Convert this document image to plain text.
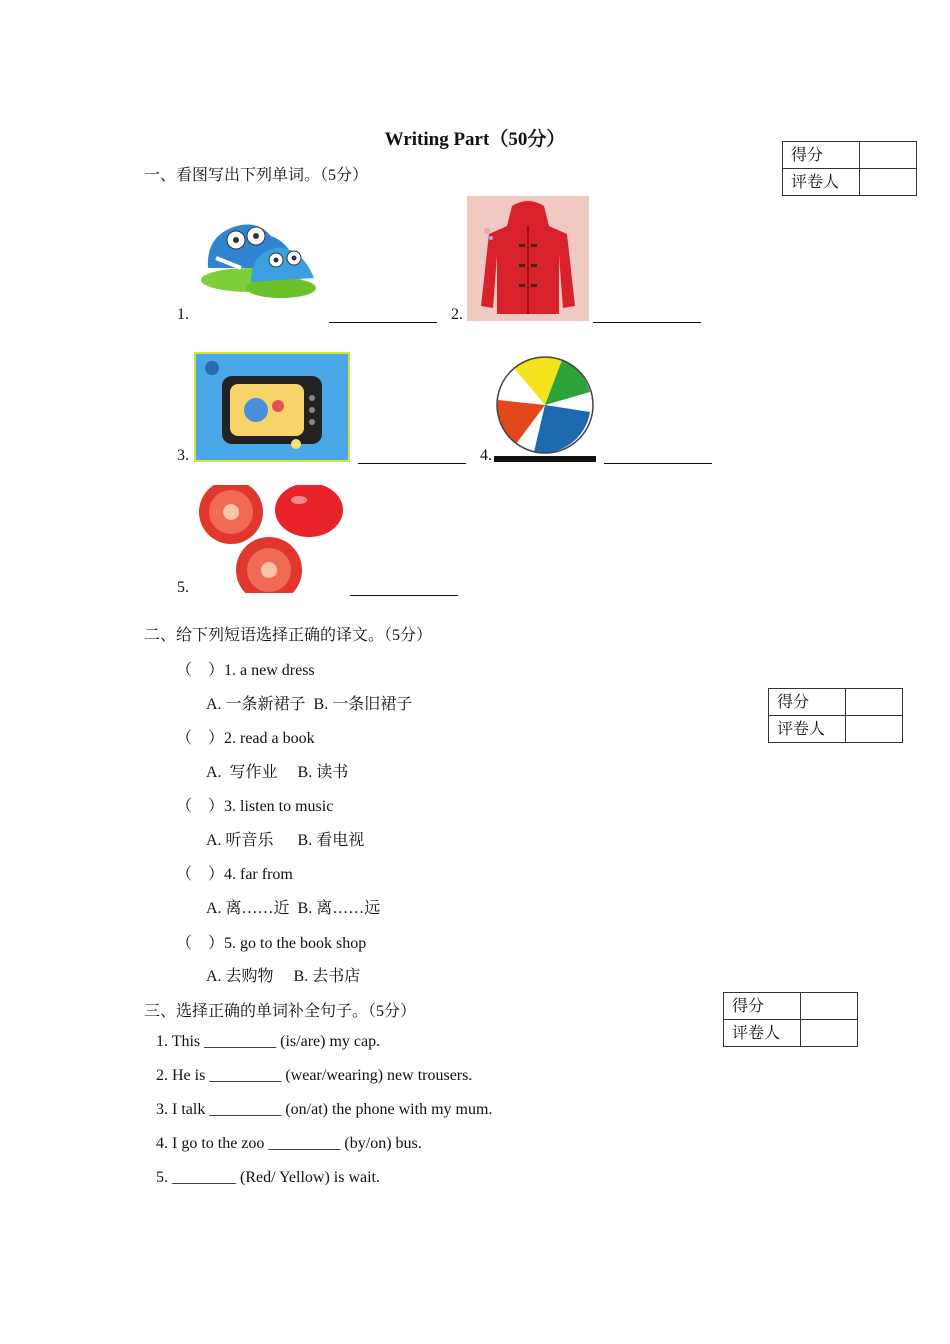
Writing Part（50分）
得分	
评卷人	
一、看图写出下列单词。（5分）
1.	2.
3.	4.
5.
二、给下列短语选择正确的译文。（5分）
得分	
评卷人	
（    ）1. a new dress
A. 一条新裙子  B. 一条旧裙子
（    ）2. read a book
A.  写作业     B. 读书
（    ）3. listen to music
A. 听音乐      B. 看电视
（    ）4. far from
A. 离……近  B. 离……远
（    ）5. go to the book shop
A. 去购物     B. 去书店
三、选择正确的单词补全句子。（5分）	得分	
评卷人	
1. This _________ (is/are) my cap.
2. He is _________ (wear/wearing) new trousers.
3. I talk _________ (on/at) the phone with my mum.
4. I go to the zoo _________ (by/on) bus.
5. ________ (Red/ Yellow) is wait.
